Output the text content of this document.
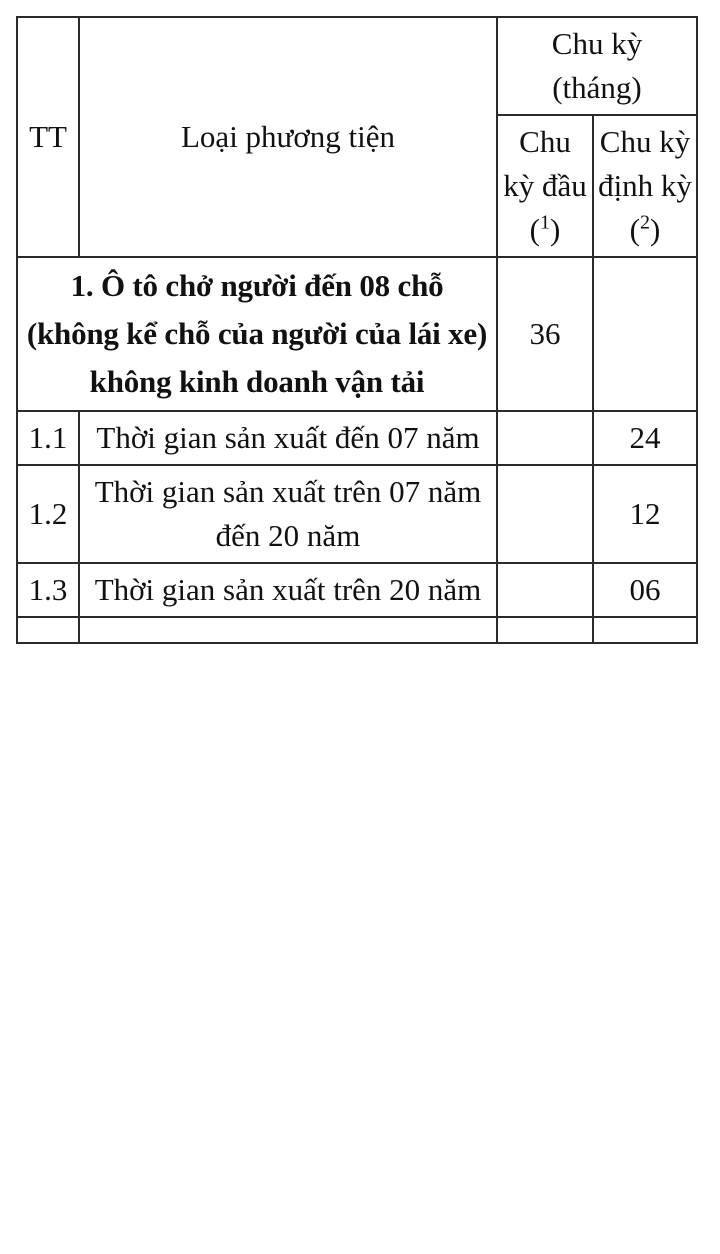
TT	Loại phương tiện	Chu kỳ
(tháng)	
		Chu kỳ đầu ($^1$)	Chu kỳ định kỳ ($^2$)
1. Ô tô chở người đến 08 chỗ (không kể chỗ của người của lái xe) không kinh doanh vận tải		36	
1.1	Thời gian sản xuất đến 07 năm		24
1.2	Thời gian sản xuất trên 07 năm đến 20 năm		12
1.3	Thời gian sản xuất trên 20 năm		06
